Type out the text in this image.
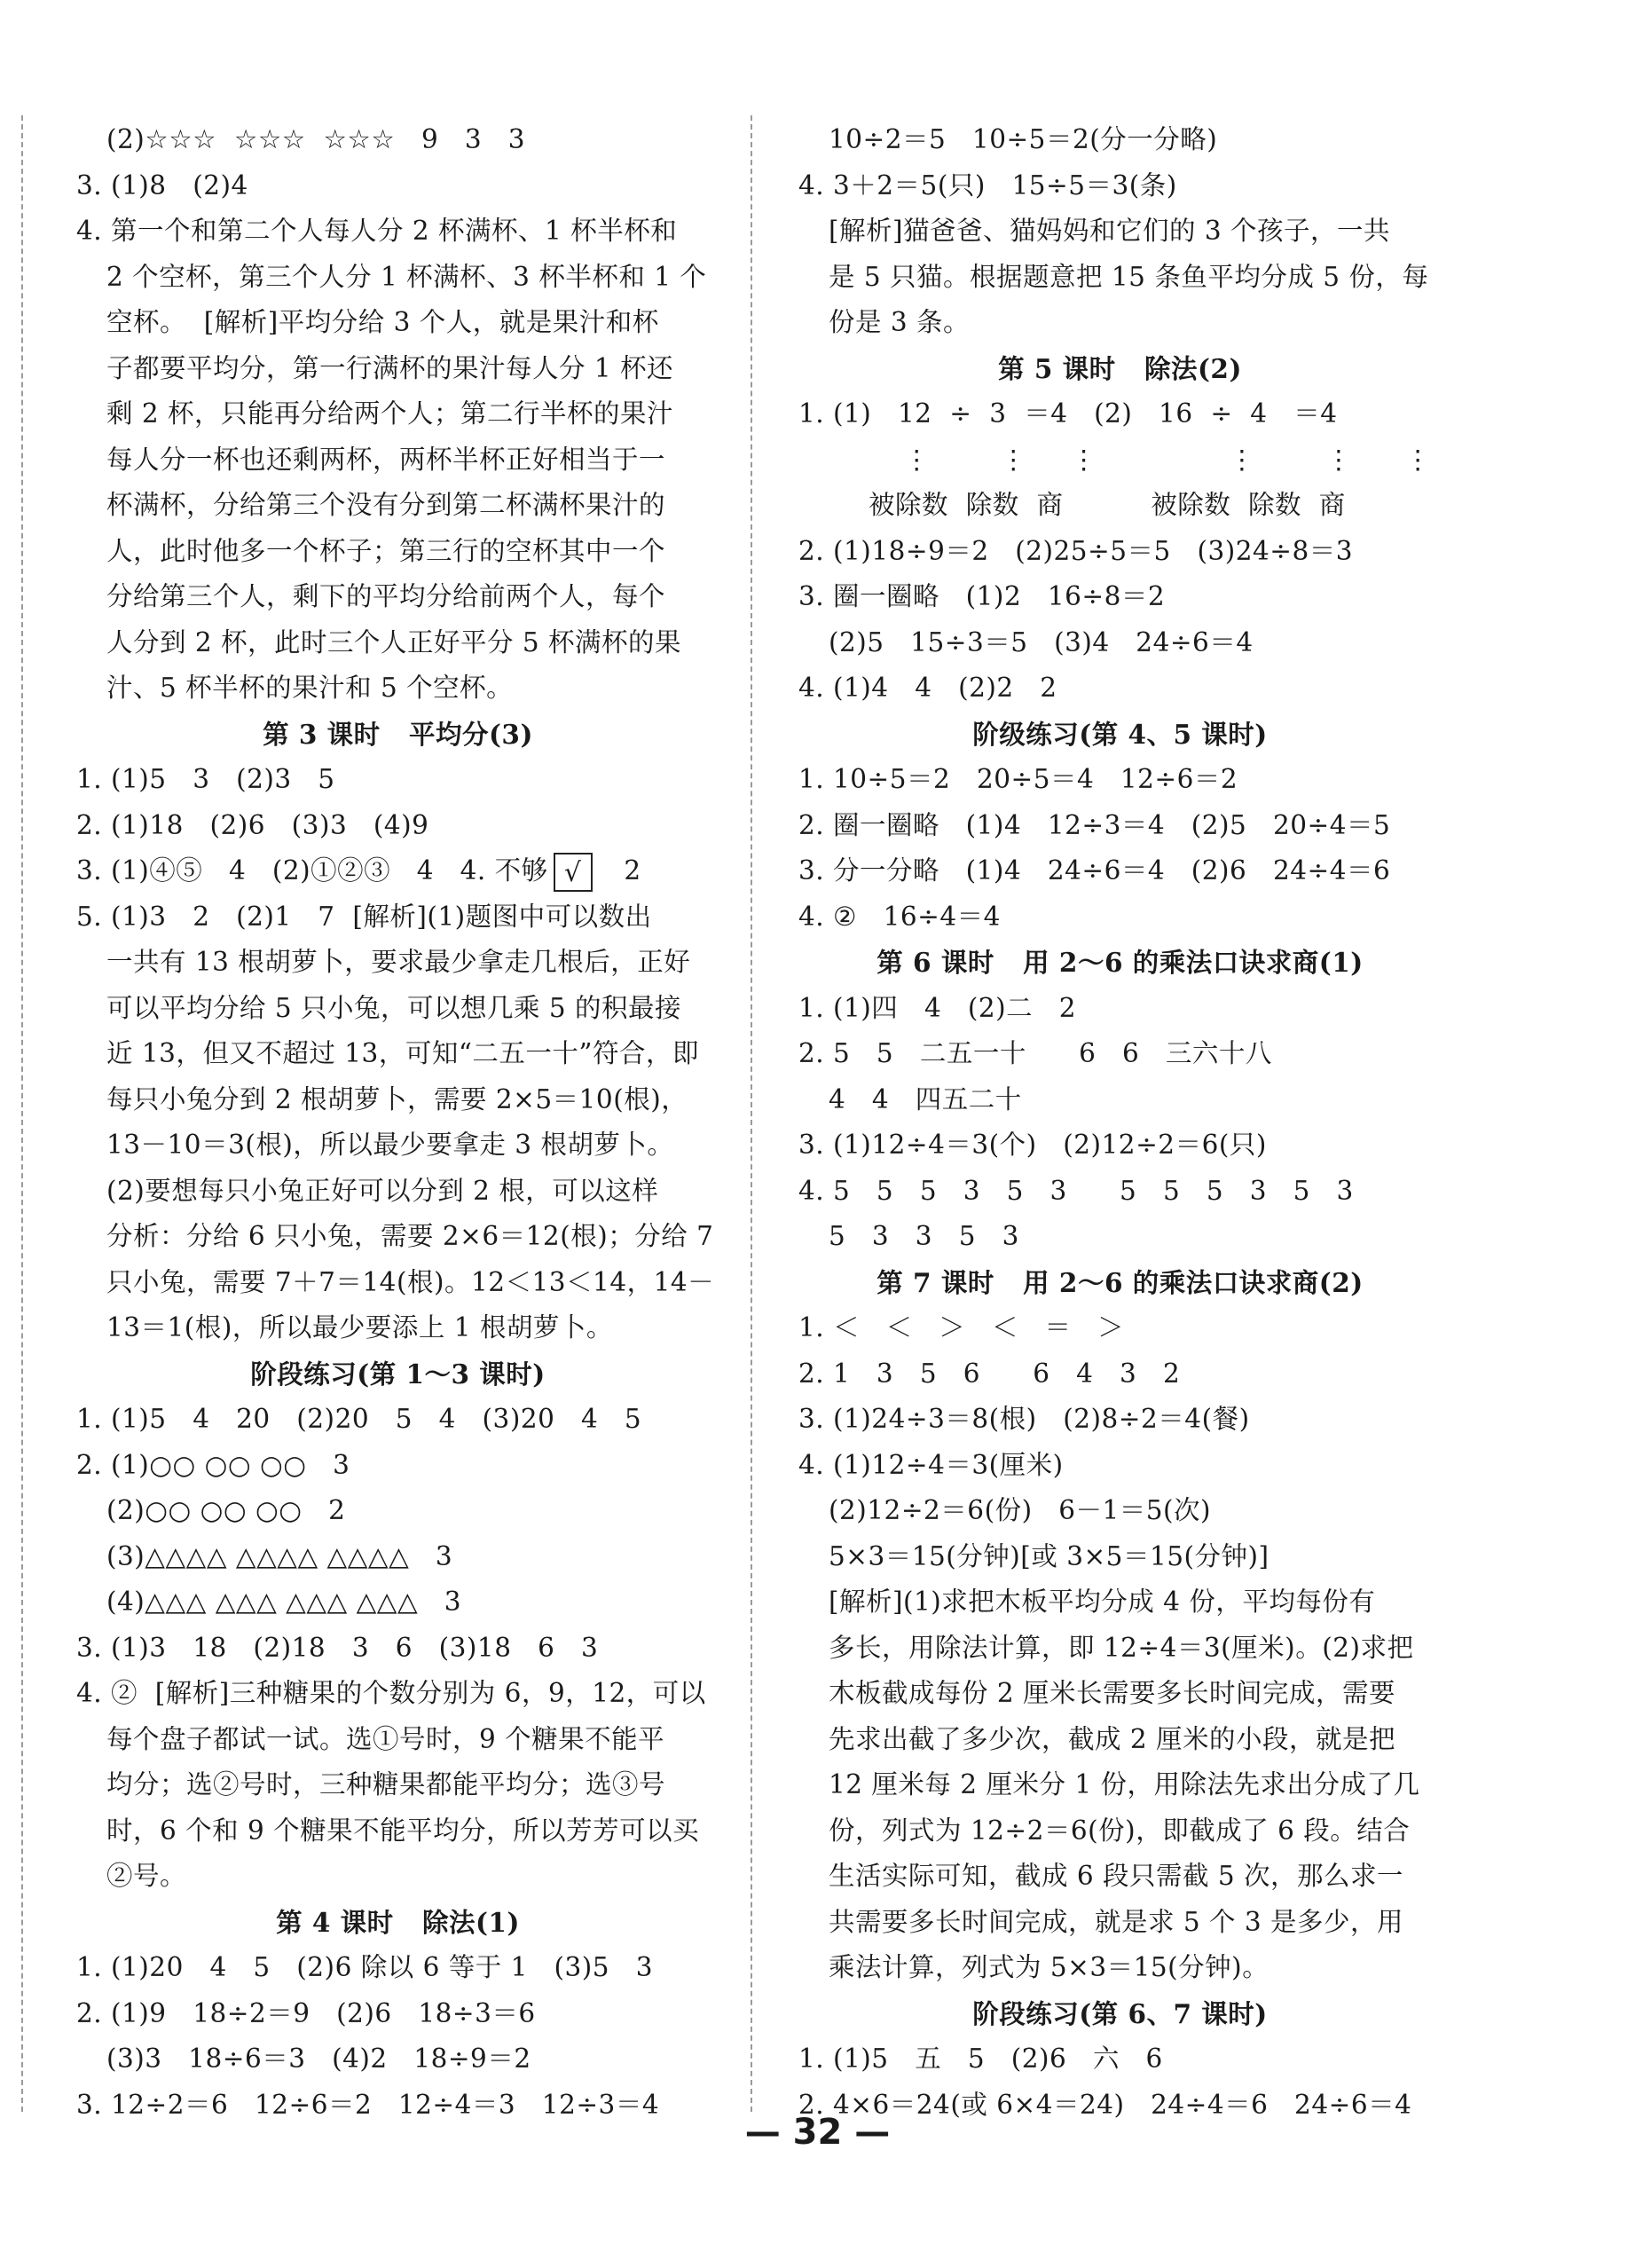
(2)☆☆☆  ☆☆☆  ☆☆☆   9   3   3
3. (1)8   (2)4
4. 第一个和第二个人每人分 2 杯满杯、1 杯半杯和
2 个空杯，第三个人分 1 杯满杯、3 杯半杯和 1 个
空杯。  [解析]平均分给 3 个人，就是果汁和杯
子都要平均分，第一行满杯的果汁每人分 1 杯还
剩 2 杯，只能再分给两个人；第二行半杯的果汁
每人分一杯也还剩两杯，两杯半杯正好相当于一
杯满杯，分给第三个没有分到第二杯满杯果汁的
人，此时他多一个杯子；第三行的空杯其中一个
分给第三个人，剩下的平均分给前两个人，每个
人分到 2 杯，此时三个人正好平分 5 杯满杯的果
汁、5 杯半杯的果汁和 5 个空杯。
第 3 课时   平均分(3)
1. (1)5   3   (2)3   5
2. (1)18   (2)6   (3)3   (4)9
3. (1)④⑤   4   (2)①②③   4   4. 不够 √   2
5. (1)3   2   (2)1   7  [解析](1)题图中可以数出
一共有 13 根胡萝卜，要求最少拿走几根后，正好
可以平均分给 5 只小兔，可以想几乘 5 的积最接
近 13，但又不超过 13，可知“二五一十”符合，即
每只小兔分到 2 根胡萝卜，需要 2×5＝10(根)，
13－10＝3(根)，所以最少要拿走 3 根胡萝卜。
(2)要想每只小兔正好可以分到 2 根，可以这样
分析：分给 6 只小兔，需要 2×6＝12(根)；分给 7
只小兔，需要 7＋7＝14(根)。12＜13＜14，14－
13＝1(根)，所以最少要添上 1 根胡萝卜。
阶段练习(第 1～3 课时)
1. (1)5   4   20   (2)20   5   4   (3)20   4   5
2. (1)○○ ○○ ○○   3
(2)○○ ○○ ○○   2
(3)△△△△ △△△△ △△△△   3
(4)△△△ △△△ △△△ △△△   3
3. (1)3   18   (2)18   3   6   (3)18   6   3
4. ②  [解析]三种糖果的个数分别为 6，9，12，可以
每个盘子都试一试。选①号时，9 个糖果不能平
均分；选②号时，三种糖果都能平均分；选③号
时，6 个和 9 个糖果不能平均分，所以芳芳可以买
②号。
第 4 课时   除法(1)
1. (1)20   4   5   (2)6 除以 6 等于 1   (3)5   3
2. (1)9   18÷2＝9   (2)6   18÷3＝6
(3)3   18÷6＝3   (4)2   18÷9＝2
3. 12÷2＝6   12÷6＝2   12÷4＝3   12÷3＝4
10÷2＝5   10÷5＝2(分一分略)
4. 3＋2＝5(只)   15÷5＝3(条)
[解析]猫爸爸、猫妈妈和它们的 3 个孩子，一共
是 5 只猫。根据题意把 15 条鱼平均分成 5 份，每
份是 3 条。
第 5 课时   除法(2)
1. (1)   12  ÷  3  ＝4   (2)   16  ÷  4   ＝4
⋮        ⋮     ⋮               ⋮        ⋮      ⋮
被除数  除数  商          被除数  除数  商
2. (1)18÷9＝2   (2)25÷5＝5   (3)24÷8＝3
3. 圈一圈略   (1)2   16÷8＝2
(2)5   15÷3＝5   (3)4   24÷6＝4
4. (1)4   4   (2)2   2
阶级练习(第 4、5 课时)
1. 10÷5＝2   20÷5＝4   12÷6＝2
2. 圈一圈略   (1)4   12÷3＝4   (2)5   20÷4＝5
3. 分一分略   (1)4   24÷6＝4   (2)6   24÷4＝6
4. ②   16÷4＝4
第 6 课时   用 2～6 的乘法口诀求商(1)
1. (1)四   4   (2)二   2
2. 5   5   二五一十      6   6   三六十八
4   4   四五二十
3. (1)12÷4＝3(个)   (2)12÷2＝6(只)
4. 5   5   5   3   5   3      5   5   5   3   5   3
5   3   3   5   3
第 7 课时   用 2～6 的乘法口诀求商(2)
1. ＜   ＜   ＞   ＜   ＝   ＞
2. 1   3   5   6      6   4   3   2
3. (1)24÷3＝8(根)   (2)8÷2＝4(餐)
4. (1)12÷4＝3(厘米)
(2)12÷2＝6(份)   6－1＝5(次)
5×3＝15(分钟)[或 3×5＝15(分钟)]
[解析](1)求把木板平均分成 4 份，平均每份有
多长，用除法计算，即 12÷4＝3(厘米)。(2)求把
木板截成每份 2 厘米长需要多长时间完成，需要
先求出截了多少次，截成 2 厘米的小段，就是把
12 厘米每 2 厘米分 1 份，用除法先求出分成了几
份，列式为 12÷2＝6(份)，即截成了 6 段。结合
生活实际可知，截成 6 段只需截 5 次，那么求一
共需要多长时间完成，就是求 5 个 3 是多少，用
乘法计算，列式为 5×3＝15(分钟)。
阶段练习(第 6、7 课时)
1. (1)5   五   5   (2)6   六   6
2. 4×6＝24(或 6×4＝24)   24÷4＝6   24÷6＝4
— 32 —
